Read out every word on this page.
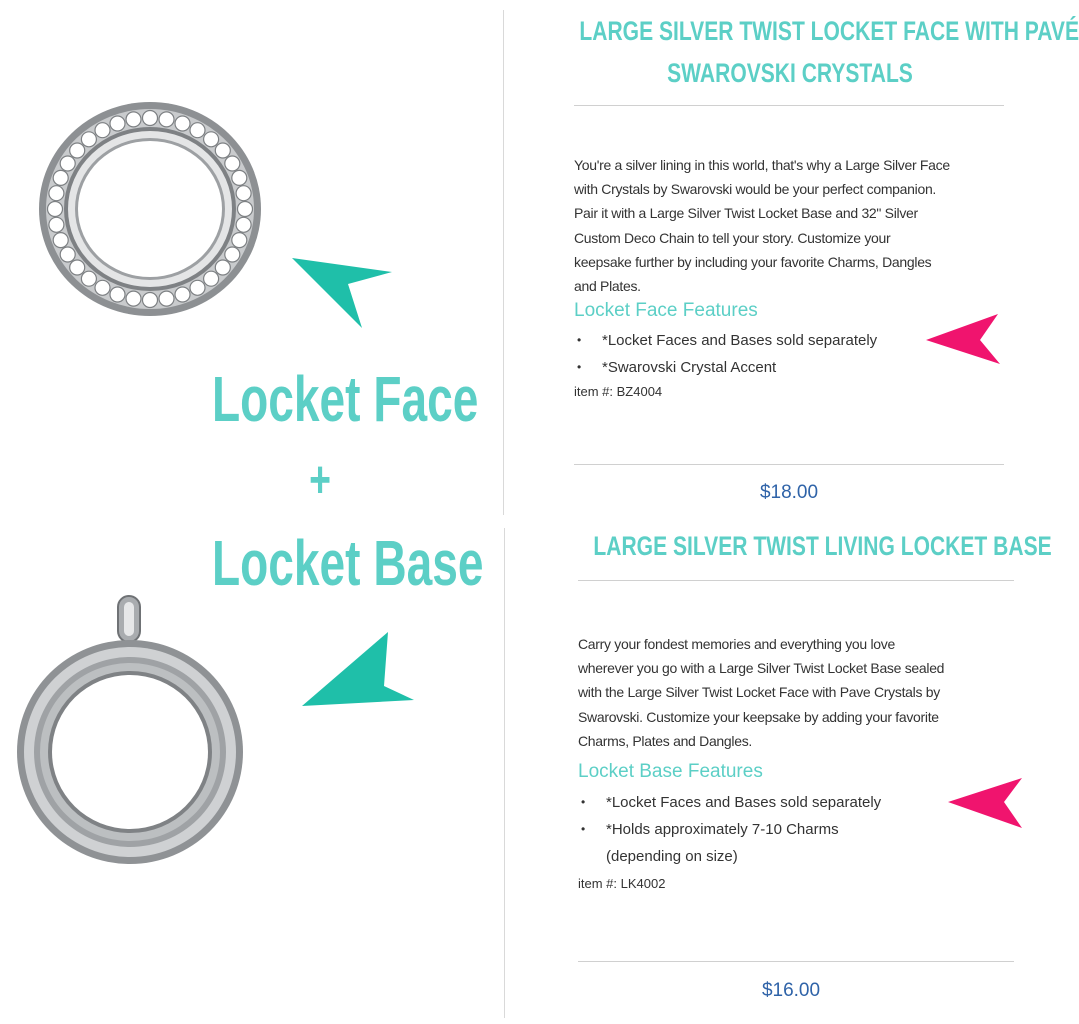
Locket Face
+
Locket Base
LARGE SILVER TWIST LOCKET FACE WITH PAVÉ
SWAROVSKI CRYSTALS
You're a silver lining in this world, that's why a Large Silver Face
with Crystals by Swarovski would be your perfect companion.
Pair it with a Large Silver Twist Locket Base and 32" Silver
Custom Deco Chain to tell your story. Customize your
keepsake further by including your favorite Charms, Dangles
and Plates.
Locket Face Features
• *Locket Faces and Bases sold separately
• *Swarovski Crystal Accent
item #: BZ4004
$18.00
LARGE SILVER TWIST LIVING LOCKET BASE
Carry your fondest memories and everything you love
wherever you go with a Large Silver Twist Locket Base sealed
with the Large Silver Twist Locket Face with Pave Crystals by
Swarovski. Customize your keepsake by adding your favorite
Charms, Plates and Dangles.
Locket Base Features
• *Locket Faces and Bases sold separately
• *Holds approximately 7-10 Charms
(depending on size)
item #: LK4002
$16.00
